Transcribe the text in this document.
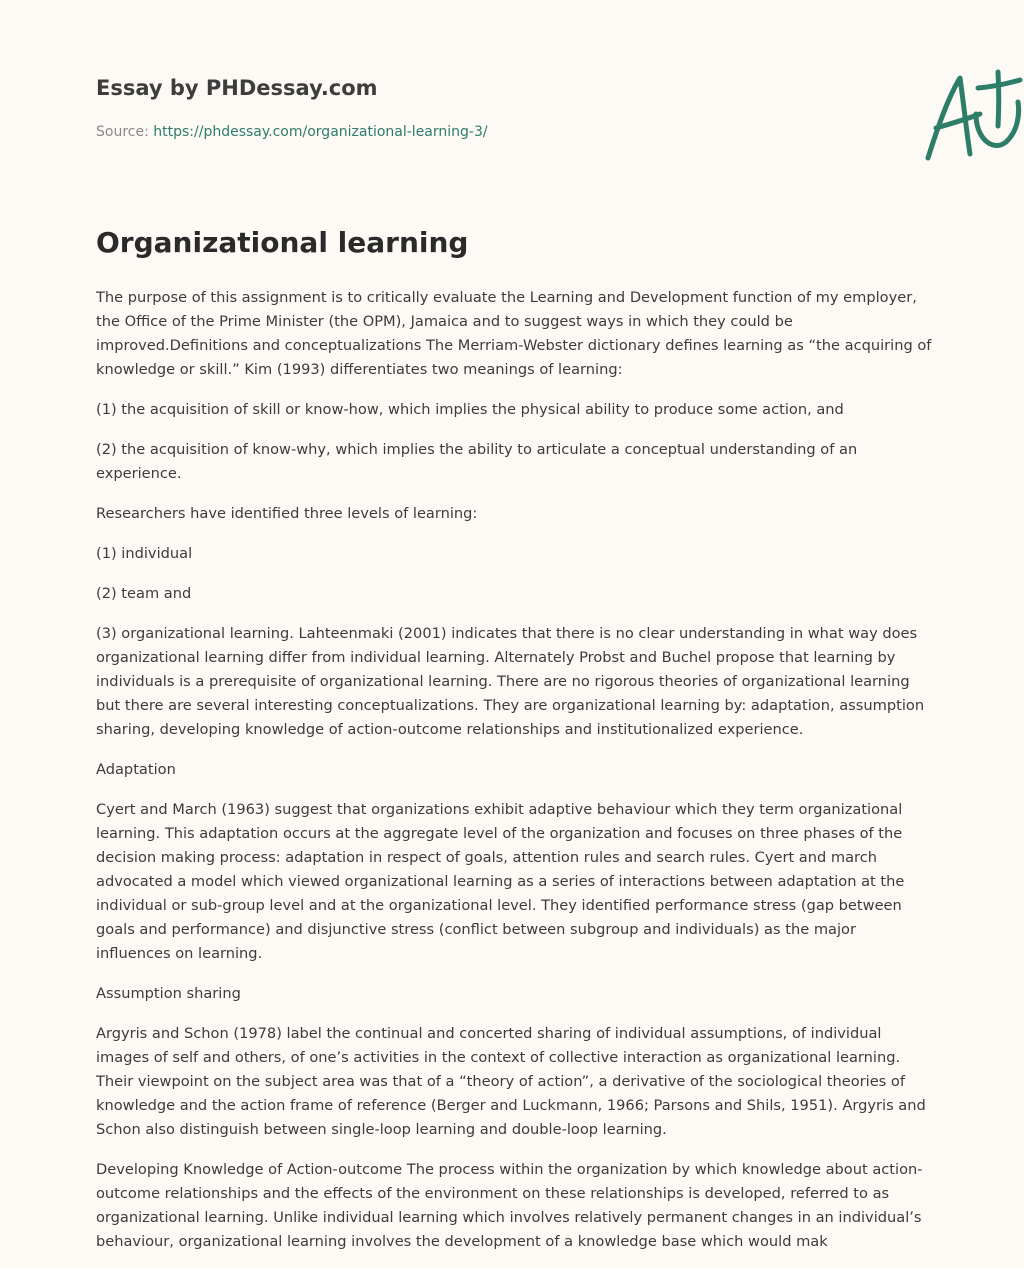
Essay by PHDessay.com
Source: https://phdessay.com/organizational-learning-3/
Organizational learning

The purpose of this assignment is to critically evaluate the Learning and Development function of my employer, the Office of the Prime Minister (the OPM), Jamaica and to suggest ways in which they could be improved.Definitions and conceptualizations The Merriam-Webster dictionary defines learning as “the acquiring of knowledge or skill.” Kim (1993) differentiates two meanings of learning:

(1) the acquisition of skill or know-how, which implies the physical ability to produce some action, and

(2) the acquisition of know-why, which implies the ability to articulate a conceptual understanding of an experience.

Researchers have identified three levels of learning:

(1) individual

(2) team and

(3) organizational learning. Lahteenmaki (2001) indicates that there is no clear understanding in what way does organizational learning differ from individual learning. Alternately Probst and Buchel propose that learning by individuals is a prerequisite of organizational learning. There are no rigorous theories of organizational learning but there are several interesting conceptualizations. They are organizational learning by: adaptation, assumption sharing, developing knowledge of action-outcome relationships and institutionalized experience.

Adaptation

Cyert and March (1963) suggest that organizations exhibit adaptive behaviour which they term organizational learning. This adaptation occurs at the aggregate level of the organization and focuses on three phases of the decision making process: adaptation in respect of goals, attention rules and search rules. Cyert and march advocated a model which viewed organizational learning as a series of interactions between adaptation at the individual or sub-group level and at the organizational level. They identified performance stress (gap between goals and performance) and disjunctive stress (conflict between subgroup and individuals) as the major influences on learning.

Assumption sharing

Argyris and Schon (1978) label the continual and concerted sharing of individual assumptions, of individual images of self and others, of one’s activities in the context of collective interaction as organizational learning. Their viewpoint on the subject area was that of a “theory of action”, a derivative of the sociological theories of knowledge and the action frame of reference (Berger and Luckmann, 1966; Parsons and Shils, 1951). Argyris and Schon also distinguish between single-loop learning and double-loop learning.

Developing Knowledge of Action-outcome The process within the organization by which knowledge about action-outcome relationships and the effects of the environment on these relationships is developed, referred to as organizational learning. Unlike individual learning which involves relatively permanent changes in an individual’s behaviour, organizational learning involves the development of a knowledge base which would mak
